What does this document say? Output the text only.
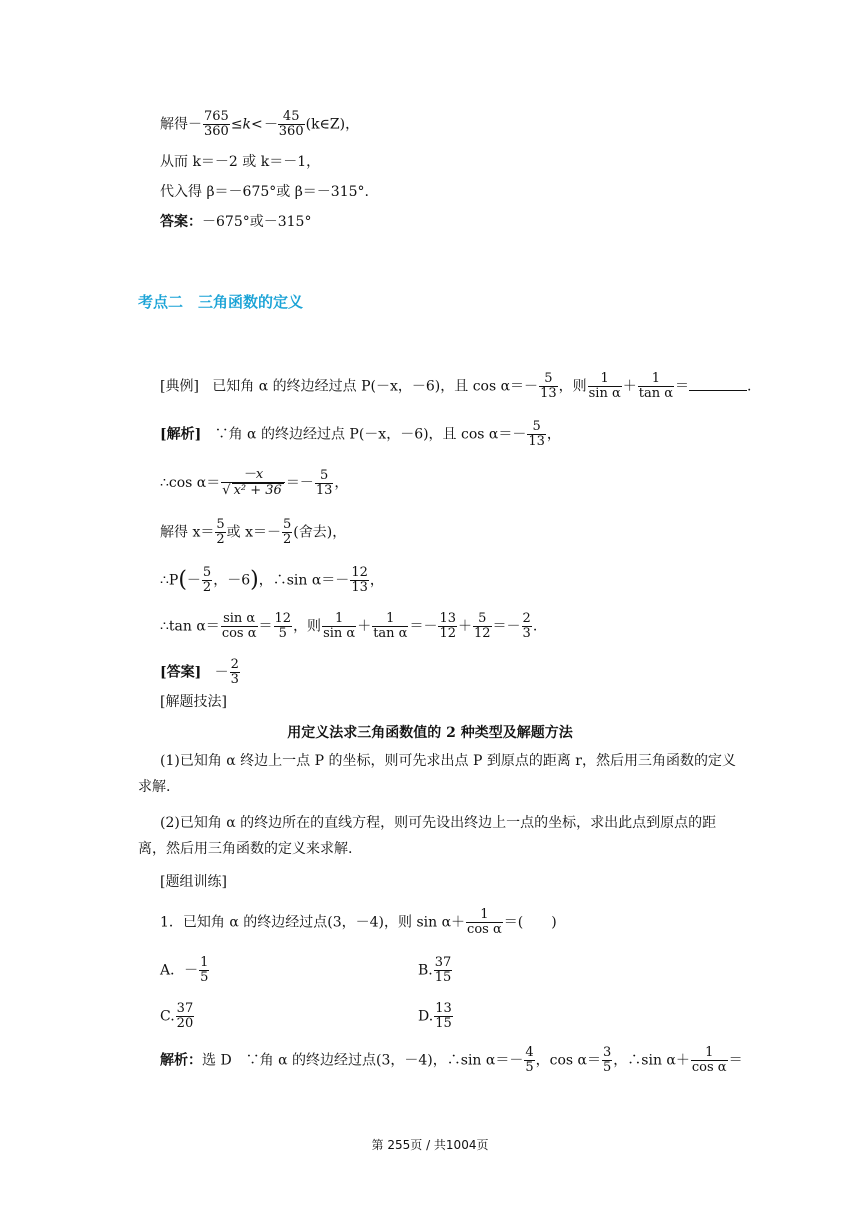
解得－ $\frac{765}{360} \le k<- \frac{45}{360}$ (k∈Z)，
从而 k＝－2 或 k＝－1，
代入得 β＝－675°或 β＝－315°.
答案：－675°或－315°
考点二　三角函数的定义
[典例] 已知角 α 的终边经过点 P(－x，－6)，且 $\cos \alpha=- \frac{5}{13}$ ，则 $\frac{1}{\text{sin α}} + \frac{1}{\text{tan α}}$ ＝	.
[解析] ∵角 α 的终边经过点 P(－x，－6)，且 $\cos \alpha=- \frac{5}{13}$ ，
∴cos $\alpha= \frac{-x}{\text{√ x² + 36}} =- \frac{5}{13}$ ，
解得 $x= \frac{5}{2}$ 或 $x=- \frac{5}{2}$ (舍去)，
∴P(－ $\frac{5}{2}$ ，－6)，∴sin $\alpha=- \frac{12}{13}$ ，
∴tan $\alpha= \frac{\text{sin α}}{\text{cos α}} = \frac{12}{5}$ ，则 $\frac{1}{\text{sin α}} + \frac{1}{\text{tan α}} =- \frac{13}{12} + \frac{5}{12} =- \frac{2}{3}$ .
[答案] － $\frac{2}{3}$
[解题技法]
用定义法求三角函数值的 2 种类型及解题方法
(1)已知角 α 终边上一点 P 的坐标，则可先求出点 P 到原点的距离 r，然后用三角函数的定义求解.
(2)已知角 α 的终边所在的直线方程，则可先设出终边上一点的坐标，求出此点到原点的距离，然后用三角函数的定义来求解.
[题组训练]
1．已知角 α 的终边经过点(3，－4)，则 $\sin \alpha+ \frac{1}{\text{cos α}}$ ＝(　　)
A．－ $\frac{1}{5}$	B. $\frac{37}{15}$
C. $\frac{37}{20}$	D. $\frac{13}{15}$
解析：选 D　∵角 α 的终边经过点(3，－4)，∴sin $\alpha=- \frac{4}{5}$ ，$\cos \alpha= \frac{3}{5}$ ，∴sin $\alpha+ \frac{1}{\text{cos α}}$ ＝
第 255页 / 共1004页
